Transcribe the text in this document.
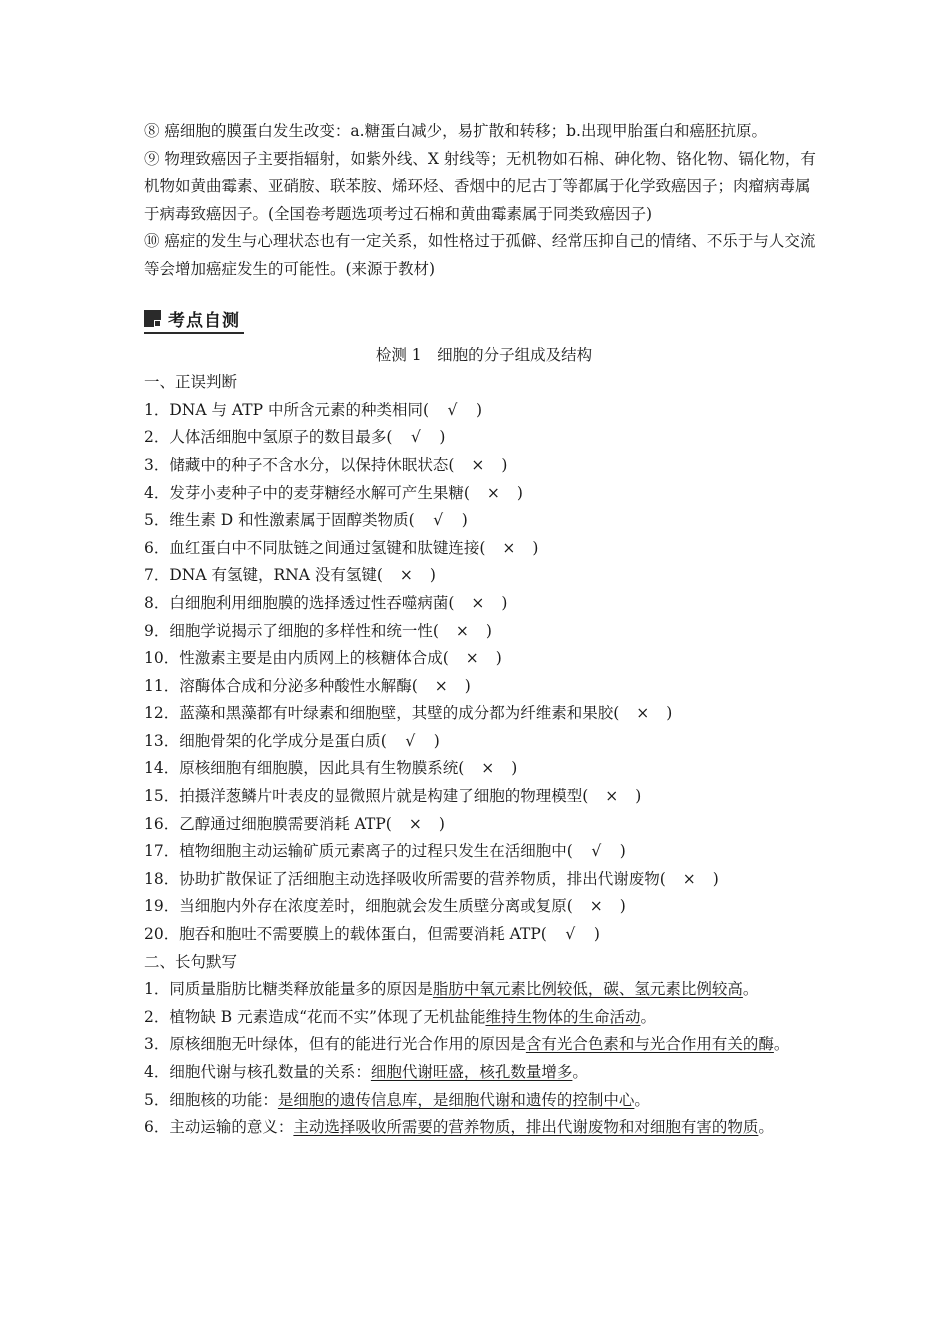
⑧ 癌细胞的膜蛋白发生改变：a.糖蛋白减少，易扩散和转移；b.出现甲胎蛋白和癌胚抗原。

⑨ 物理致癌因子主要指辐射，如紫外线、X 射线等；无机物如石棉、砷化物、铬化物、镉化物，有机物如黄曲霉素、亚硝胺、联苯胺、烯环烃、香烟中的尼古丁等都属于化学致癌因子；肉瘤病毒属于病毒致癌因子。(全国卷考题选项考过石棉和黄曲霉素属于同类致癌因子)

⑩ 癌症的发生与心理状态也有一定关系，如性格过于孤僻、经常压抑自己的情绪、不乐于与人交流等会增加癌症发生的可能性。(来源于教材)

考点自测

检测 1　细胞的分子组成及结构

一、正误判断

1．DNA 与 ATP 中所含元素的种类相同(  √  )

2．人体活细胞中氢原子的数目最多(  √  )

3．储藏中的种子不含水分，以保持休眠状态(  ×  )

4．发芽小麦种子中的麦芽糖经水解可产生果糖(  ×  )

5．维生素 D 和性激素属于固醇类物质(  √  )

6．血红蛋白中不同肽链之间通过氢键和肽键连接(  ×  )

7．DNA 有氢键，RNA 没有氢键(  ×  )

8．白细胞利用细胞膜的选择透过性吞噬病菌(  ×  )

9．细胞学说揭示了细胞的多样性和统一性(  ×  )

10．性激素主要是由内质网上的核糖体合成(  ×  )

11．溶酶体合成和分泌多种酸性水解酶(  ×  )

12．蓝藻和黑藻都有叶绿素和细胞壁，其壁的成分都为纤维素和果胶(  ×  )

13．细胞骨架的化学成分是蛋白质(  √  )

14．原核细胞有细胞膜，因此具有生物膜系统(  ×  )

15．拍摄洋葱鳞片叶表皮的显微照片就是构建了细胞的物理模型(  ×  )

16．乙醇通过细胞膜需要消耗 ATP(  ×  )

17．植物细胞主动运输矿质元素离子的过程只发生在活细胞中(  √  )

18．协助扩散保证了活细胞主动选择吸收所需要的营养物质，排出代谢废物(  ×  )

19．当细胞内外存在浓度差时，细胞就会发生质壁分离或复原(  ×  )

20．胞吞和胞吐不需要膜上的载体蛋白，但需要消耗 ATP(  √  )

二、长句默写

1．同质量脂肪比糖类释放能量多的原因是脂肪中氧元素比例较低，碳、氢元素比例较高。

2．植物缺 B 元素造成“花而不实”体现了无机盐能维持生物体的生命活动。

3．原核细胞无叶绿体，但有的能进行光合作用的原因是含有光合色素和与光合作用有关的酶。

4．细胞代谢与核孔数量的关系：细胞代谢旺盛，核孔数量增多。

5．细胞核的功能：是细胞的遗传信息库，是细胞代谢和遗传的控制中心。

6．主动运输的意义：主动选择吸收所需要的营养物质，排出代谢废物和对细胞有害的物质。
